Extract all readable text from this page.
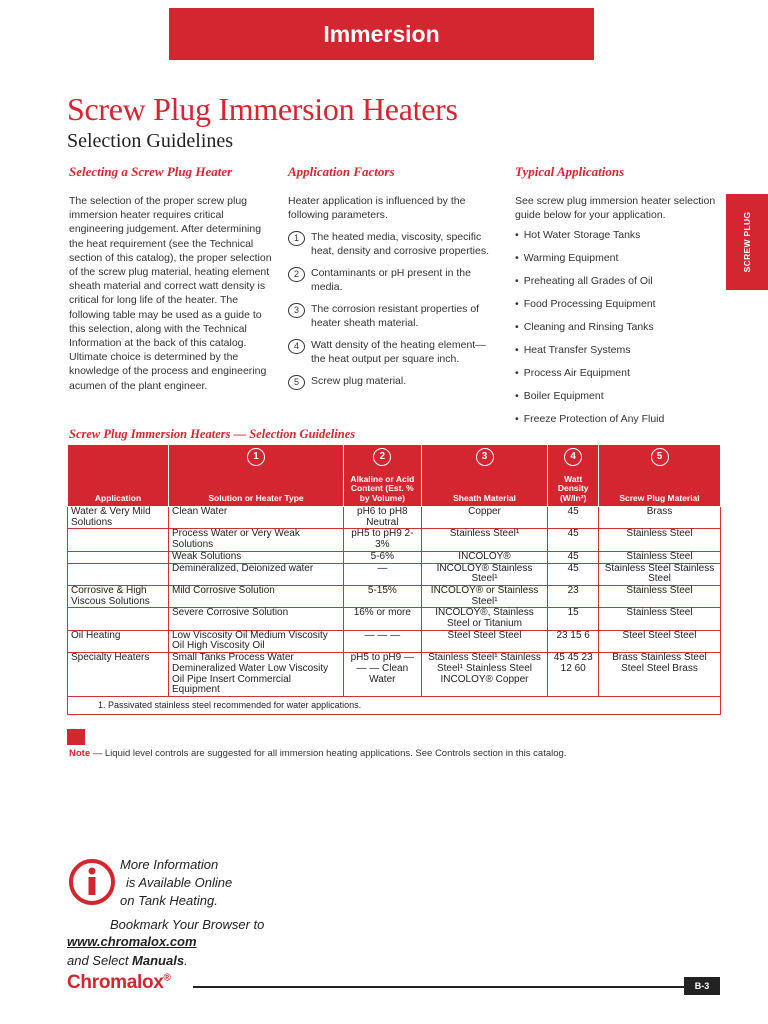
Immersion
Screw Plug Immersion Heaters
Selection Guidelines
SCREW PLUG
Selecting a Screw Plug Heater

The selection of the proper screw plug immersion heater requires critical engineering judgement. After determining the heat requirement (see the Technical section of this catalog), the proper selection of the screw plug material, heating element sheath material and correct watt density is critical for long life of the heater. The following table may be used as a guide to this selection, along with the Technical Information at the back of this catalog. Ultimate choice is determined by the knowledge of the process and engineering acumen of the plant engineer.

Application Factors

Heater application is influenced by the following parameters.

1	The heated media, viscosity, specific heat, density and corrosive properties.
2	Contaminants or pH present in the media.
3	The corrosion resistant properties of heater sheath material.
4	Watt density of the heating element—the heat output per square inch.
5	Screw plug material.
Typical Applications

See screw plug immersion heater selection guide below for your application.

• Hot Water Storage Tanks
• Warming Equipment
• Preheating all Grades of Oil
• Food Processing Equipment
• Cleaning and Rinsing Tanks
• Heat Transfer Systems
• Process Air Equipment
• Boiler Equipment
• Freeze Protection of Any Fluid
Screw Plug Immersion Heaters — Selection Guidelines
	1	2	3	4	5
Application	Solution or Heater Type	Alkaline or Acid Content (Est. % by Volume)	Sheath Material	Watt Density (W/In²)	Screw Plug Material
Water & Very Mild Solutions	Clean Water	pH6 to pH8 Neutral	Copper	45	Brass
	Process Water or Very Weak Solutions	pH5 to pH9 2-3%	Stainless Steel¹	45	Stainless Steel
	Weak Solutions	5-6%	INCOLOY®	45	Stainless Steel
	Demineralized, Deionized water	—	INCOLOY® Stainless Steel¹	45	Stainless Steel Stainless Steel
Corrosive & High Viscous Solutions	Mild Corrosive Solution	5-15%	INCOLOY® or Stainless Steel¹	23	Stainless Steel
	Severe Corrosive Solution	16% or more	INCOLOY®, Stainless Steel or Titanium	15	Stainless Steel
Oil Heating	Low Viscosity Oil Medium Viscosity Oil High Viscosity Oil	— — —	Steel Steel Steel	23 15 6	Steel Steel Steel
Specialty Heaters	Small Tanks Process Water Demineralized Water Low Viscosity Oil Pipe Insert Commercial Equipment	pH5 to pH9 — — — Clean Water	Stainless Steel¹ Stainless Steel¹ Stainless Steel INCOLOY® Copper	45 45 23 12 60	Brass Stainless Steel Steel Steel Brass
1. Passivated stainless steel recommended for water applications.					

Note — Liquid level controls are suggested for all immersion heating applications. See Controls section in this catalog.

More Information
is Available Online
on Tank Heating.
Bookmark Your Browser to
www.chromalox.com
and Select Manuals.
Chromalox®
B-3
